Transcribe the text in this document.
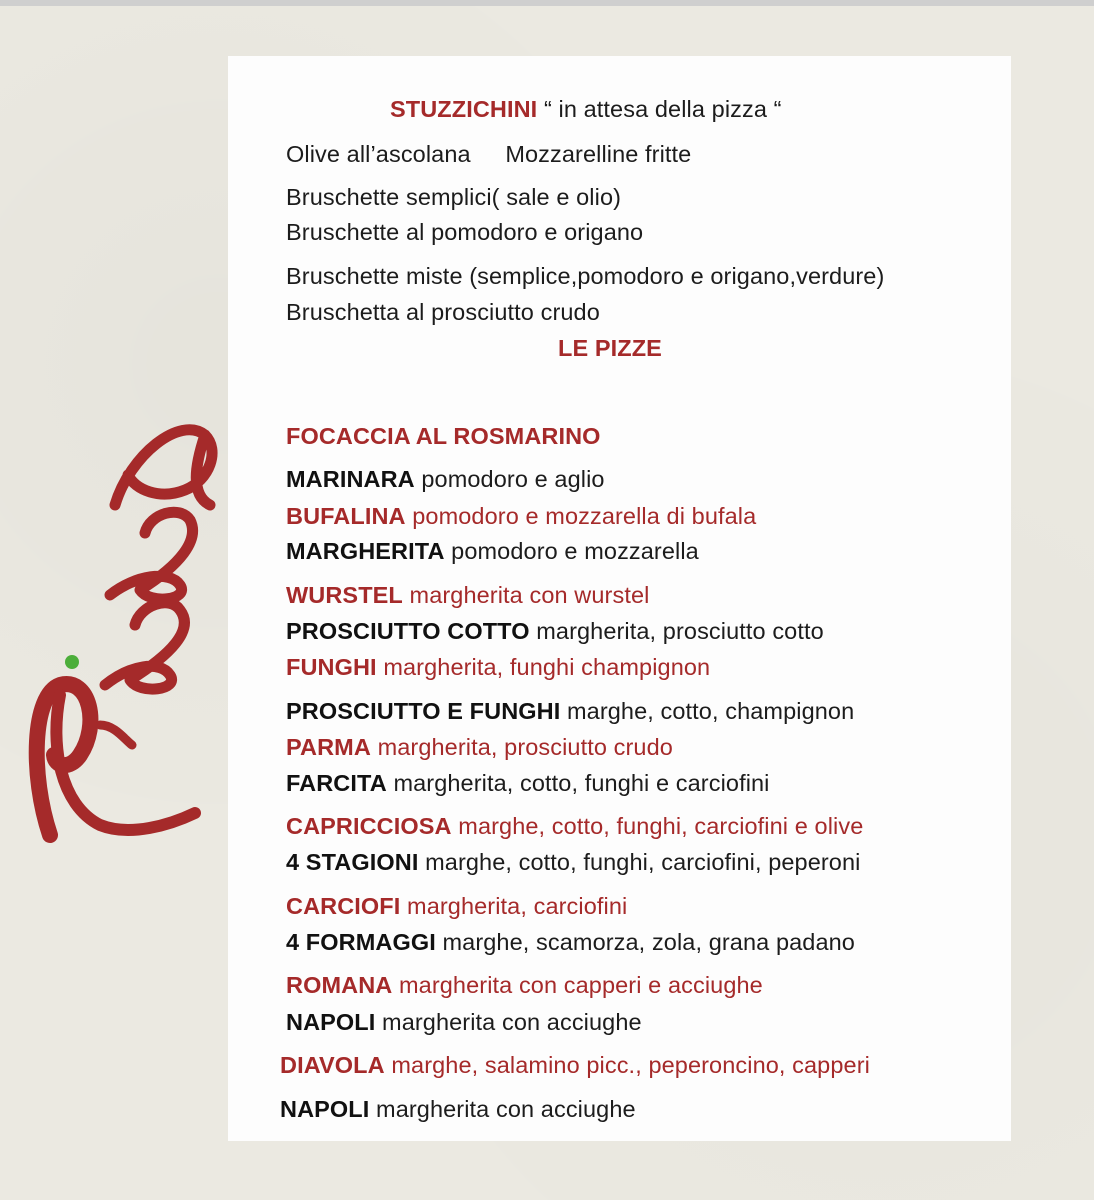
STUZZICHINI “ in attesa della pizza “
Olive all’ascolana Mozzarelline fritte
Bruschette semplici( sale e olio)
Bruschette al pomodoro e origano
Bruschette miste (semplice,pomodoro e origano,verdure)
Bruschetta al prosciutto crudo
LE PIZZE
FOCACCIA AL ROSMARINO
MARINARA pomodoro e aglio
BUFALINA pomodoro e mozzarella di bufala
MARGHERITA pomodoro e mozzarella
WURSTEL margherita con wurstel
PROSCIUTTO COTTO margherita, prosciutto cotto
FUNGHI margherita, funghi champignon
PROSCIUTTO E FUNGHI marghe, cotto, champignon
PARMA margherita, prosciutto crudo
FARCITA margherita, cotto, funghi e carciofini
CAPRICCIOSA marghe, cotto, funghi, carciofini e olive
4 STAGIONI marghe, cotto, funghi, carciofini, peperoni
CARCIOFI margherita, carciofini
4 FORMAGGI marghe, scamorza, zola, grana padano
ROMANA margherita con capperi e acciughe
NAPOLI margherita con acciughe
DIAVOLA marghe, salamino picc., peperoncino, capperi
NAPOLI margherita con acciughe
